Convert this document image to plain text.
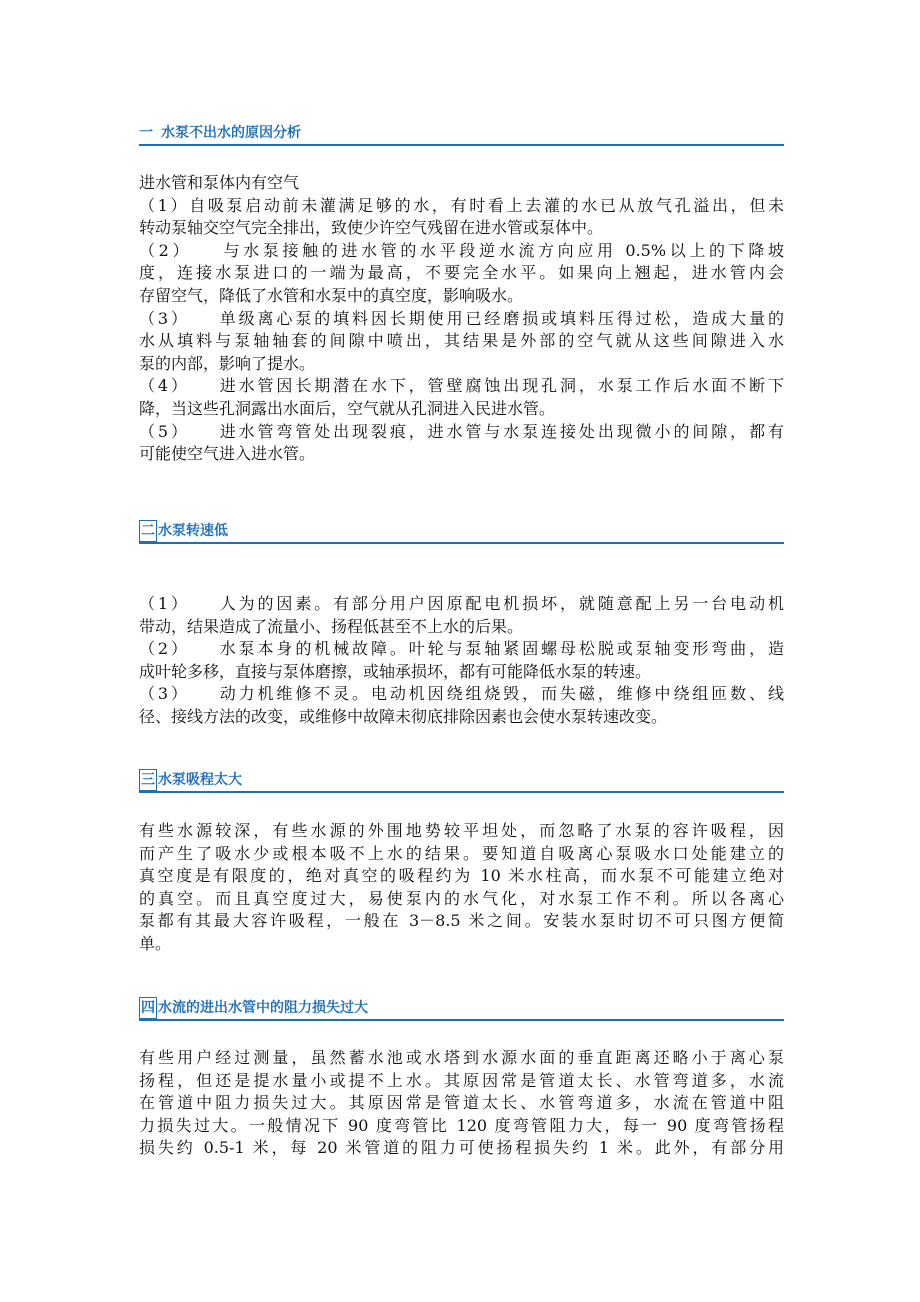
一 水泵不出水的原因分析
进水管和泵体内有空气
（1）自吸泵启动前未灌满足够的水，有时看上去灌的水已从放气孔溢出，但未
转动泵轴交空气完全排出，致使少许空气残留在进水管或泵体中。
（2）　　与水泵接触的进水管的水平段逆水流方向应用 0.5%以上的下降坡
度，连接水泵进口的一端为最高，不要完全水平。如果向上翘起，进水管内会
存留空气，降低了水管和水泵中的真空度，影响吸水。
（3）　　单级离心泵的填料因长期使用已经磨损或填料压得过松，造成大量的
水从填料与泵轴轴套的间隙中喷出，其结果是外部的空气就从这些间隙进入水
泵的内部，影响了提水。
（4）　　进水管因长期潜在水下，管壁腐蚀出现孔洞，水泵工作后水面不断下
降，当这些孔洞露出水面后，空气就从孔洞进入民进水管。
（5）　　进水管弯管处出现裂痕，进水管与水泵连接处出现微小的间隙，都有
可能使空气进入进水管。
二 水泵转速低
（1）　　人为的因素。有部分用户因原配电机损坏，就随意配上另一台电动机
带动，结果造成了流量小、扬程低甚至不上水的后果。
（2）　　水泵本身的机械故障。叶轮与泵轴紧固螺母松脱或泵轴变形弯曲，造
成叶轮多移，直接与泵体磨擦，或轴承损坏，都有可能降低水泵的转速。
（3）　　动力机维修不灵。电动机因绕组烧毁，而失磁，维修中绕组匝数、线
径、接线方法的改变，或维修中故障未彻底排除因素也会使水泵转速改变。
三 水泵吸程太大
有些水源较深，有些水源的外围地势较平坦处，而忽略了水泵的容许吸程，因
而产生了吸水少或根本吸不上水的结果。要知道自吸离心泵吸水口处能建立的
真空度是有限度的，绝对真空的吸程约为 10 米水柱高，而水泵不可能建立绝对
的真空。而且真空度过大，易使泵内的水气化，对水泵工作不利。所以各离心
泵都有其最大容许吸程，一般在 3－8.5 米之间。安装水泵时切不可只图方便简
单。
四 水流的进出水管中的阻力损失过大
有些用户经过测量，虽然蓄水池或水塔到水源水面的垂直距离还略小于离心泵
扬程，但还是提水量小或提不上水。其原因常是管道太长、水管弯道多，水流
在管道中阻力损失过大。其原因常是管道太长、水管弯道多，水流在管道中阻
力损失过大。一般情况下 90 度弯管比 120 度弯管阻力大，每一 90 度弯管扬程
损失约 0.5-1 米，每 20 米管道的阻力可使扬程损失约 1 米。此外，有部分用
